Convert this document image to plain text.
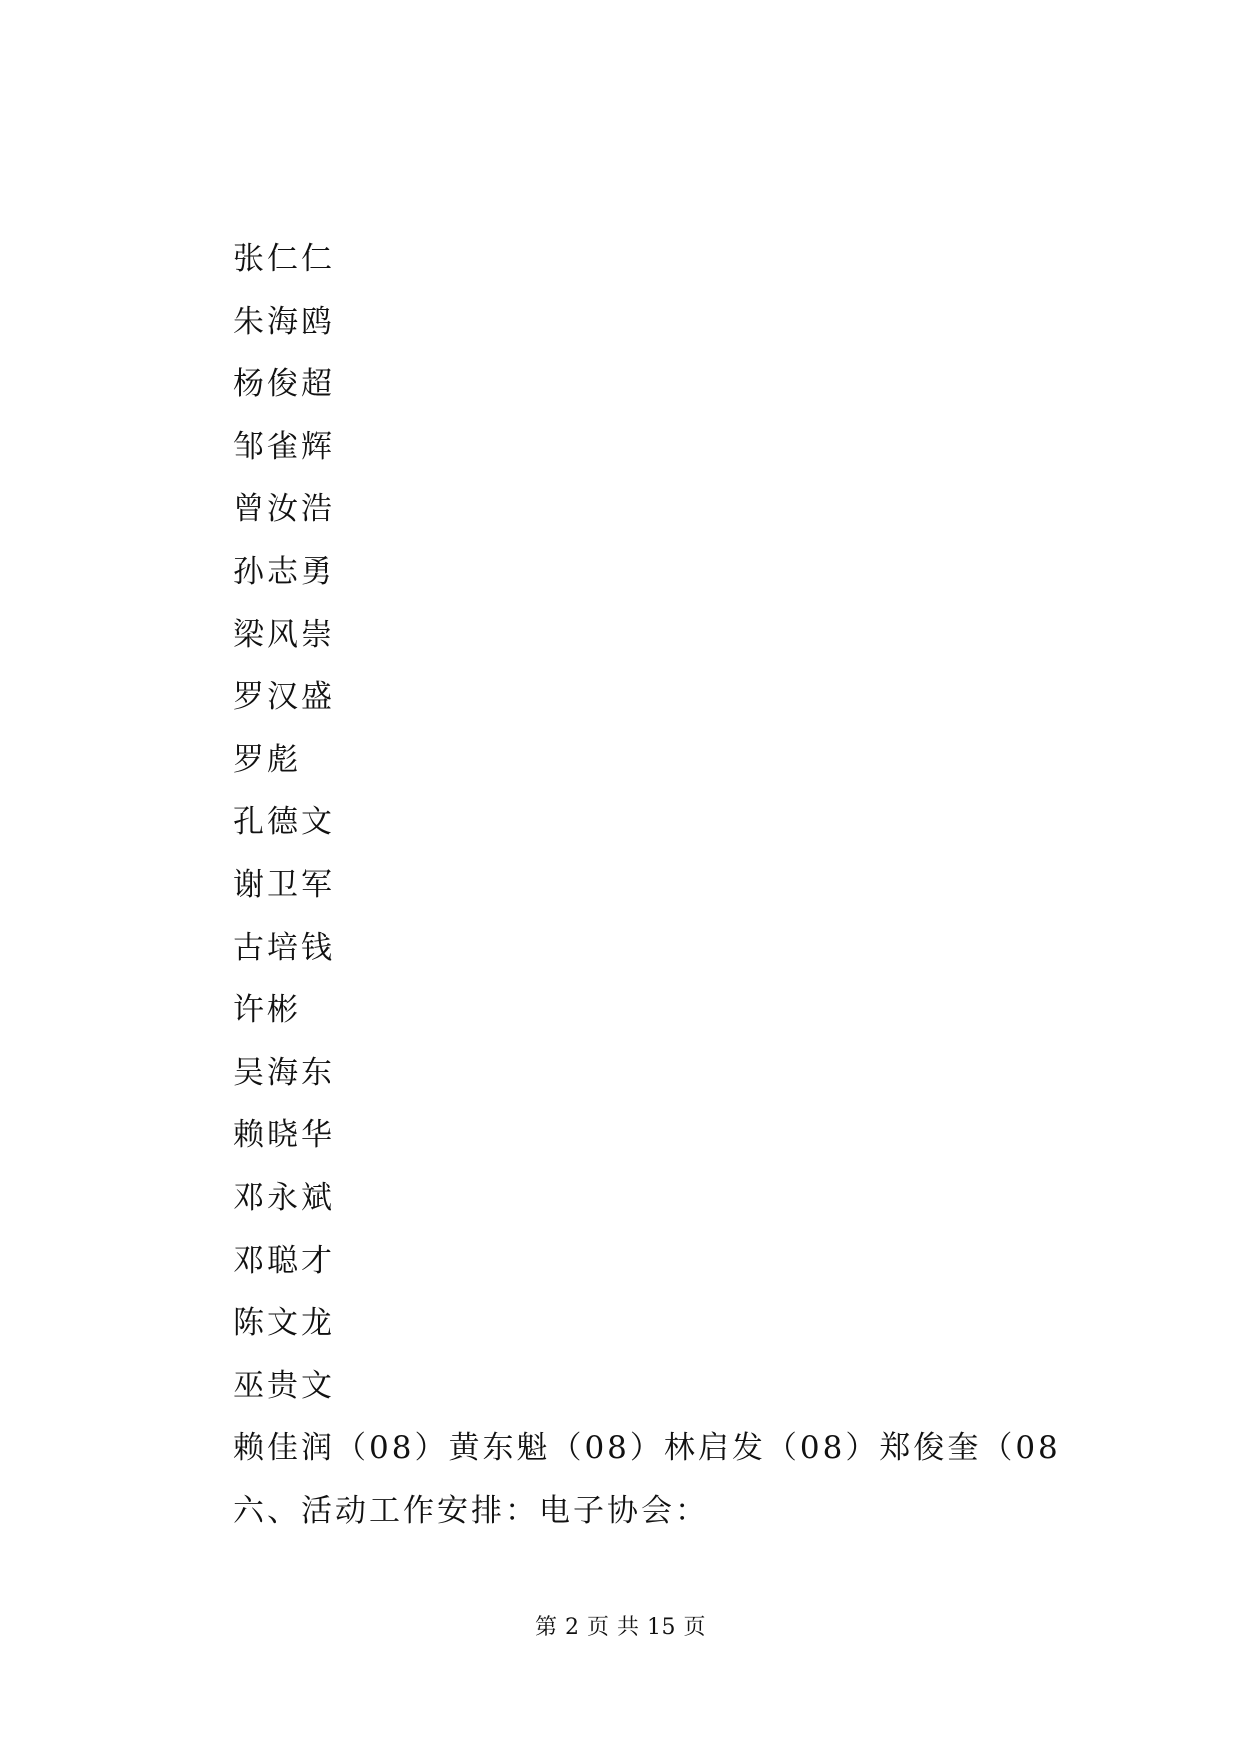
张仁仁
朱海鸥
杨俊超
邹雀辉
曾汝浩
孙志勇
梁风崇
罗汉盛
罗彪
孔德文
谢卫军
古培钱
许彬
吴海东
赖晓华
邓永斌
邓聪才
陈文龙
巫贵文
赖佳润（08）黄东魁（08）林启发（08）郑俊奎（08
六、活动工作安排：电子协会：
第 2 页 共 15 页
